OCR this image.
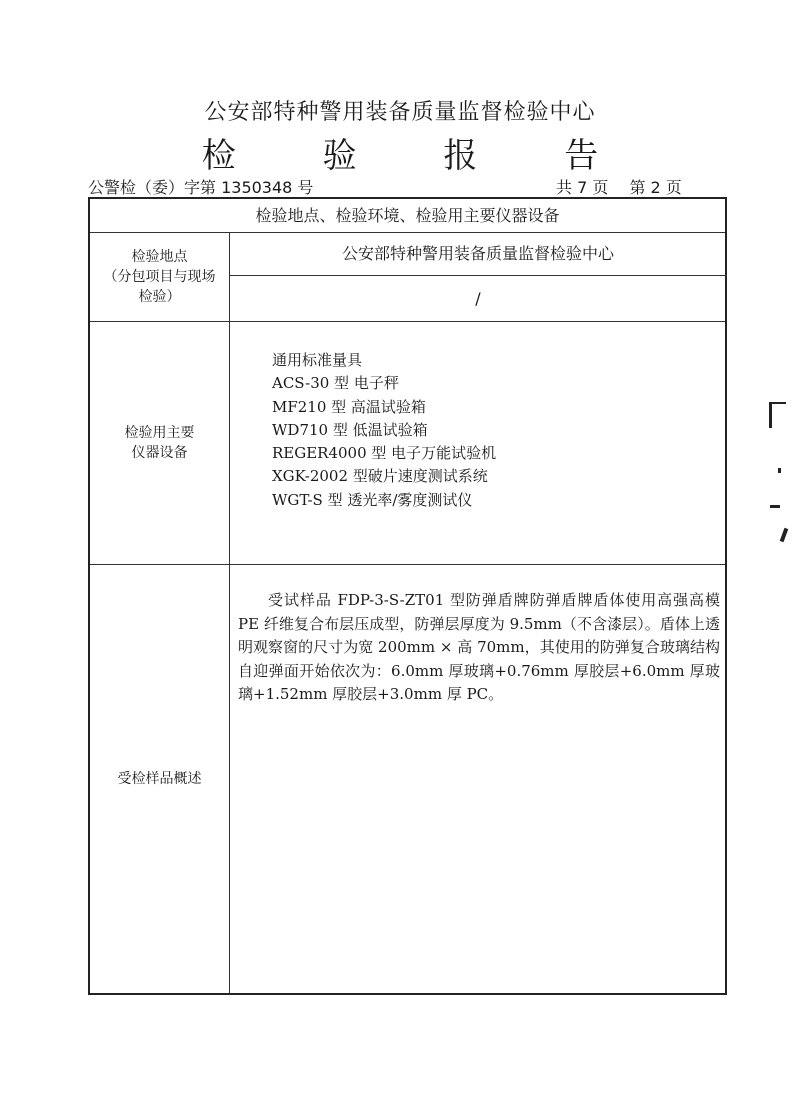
公安部特种警用装备质量监督检验中心
检 验 报 告
公警检（委）字第 1350348 号	共 7 页 第 2 页
检验地点、检验环境、检验用主要仪器设备
检验地点
（分包项目与现场
检验）
公安部特种警用装备质量监督检验中心
/
检验用主要
仪器设备
通用标准量具
ACS-30 型 电子秤
MF210 型 高温试验箱
WD710 型 低温试验箱
REGER4000 型 电子万能试验机
XGK-2002 型破片速度测试系统
WGT-S 型 透光率/雾度测试仪
受检样品概述

受试样品 FDP-3-S-ZT01 型防弹盾牌防弹盾牌盾体使用高强高模 PE 纤维复合布层压成型，防弹层厚度为 9.5mm（不含漆层）。盾体上透明观察窗的尺寸为宽 200mm × 高 70mm，其使用的防弹复合玻璃结构自迎弹面开始依次为：6.0mm 厚玻璃+0.76mm 厚胶层+6.0mm 厚玻璃+1.52mm 厚胶层+3.0mm 厚 PC。
